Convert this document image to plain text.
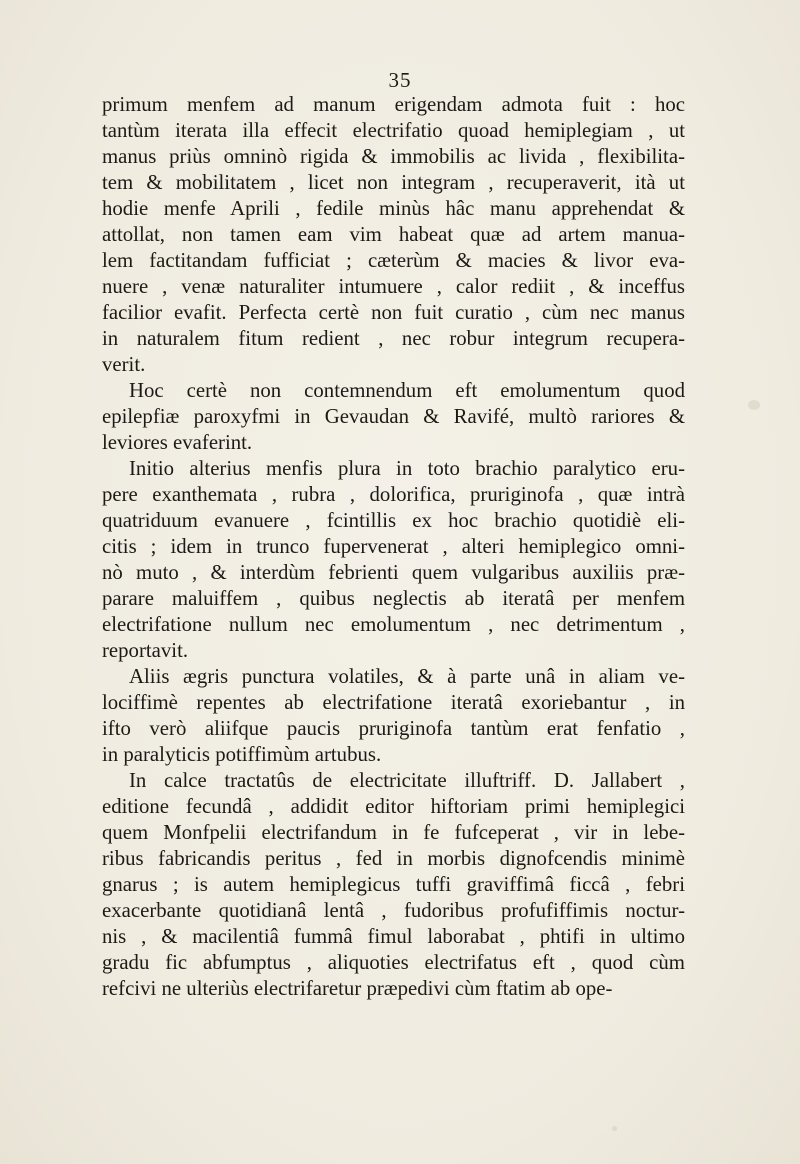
35
primum menfem ad manum erigendam admota fuit : hoc
tantùm iterata illa effecit electrifatio quoad hemiplegiam , ut
manus priùs omninò rigida & immobilis ac livida , flexibilita-
tem & mobilitatem , licet non integram , recuperaverit, ità ut
hodie menfe Aprili , fedile minùs hâc manu apprehendat &
attollat, non tamen eam vim habeat quæ ad artem manua-
lem factitandam fufficiat ; cæterùm & macies & livor eva-
nuere , venæ naturaliter intumuere , calor rediit , & inceffus
facilior evafit. Perfecta certè non fuit curatio , cùm nec manus
in naturalem fitum redient , nec robur integrum recupera-
verit.
Hoc certè non contemnendum eft emolumentum quod
epilepfiæ paroxyfmi in Gevaudan & Ravifé, multò rariores &
leviores evaferint.
Initio alterius menfis plura in toto brachio paralytico eru-
pere exanthemata , rubra , dolorifica, pruriginofa , quæ intrà
quatriduum evanuere , fcintillis ex hoc brachio quotidiè eli-
citis ; idem in trunco fupervenerat , alteri hemiplegico omni-
nò muto , & interdùm febrienti quem vulgaribus auxiliis præ-
parare maluiffem , quibus neglectis ab iteratâ per menfem
electrifatione nullum nec emolumentum , nec detrimentum ,
reportavit.
Aliis ægris punctura volatiles, & à parte unâ in aliam ve-
lociffimè repentes ab electrifatione iteratâ exoriebantur , in
ifto verò aliifque paucis pruriginofa tantùm erat fenfatio ,
in paralyticis potiffimùm artubus.
In calce tractatûs de electricitate illuftriff. D. Jallabert ,
editione fecundâ , addidit editor hiftoriam primi hemiplegici
quem Monfpelii electrifandum in fe fufceperat , vir in lebe-
ribus fabricandis peritus , fed in morbis dignofcendis minimè
gnarus ; is autem hemiplegicus tuffi graviffimâ ficcâ , febri
exacerbante quotidianâ lentâ , fudoribus profufiffimis noctur-
nis , & macilentiâ fummâ fimul laborabat , phtifi in ultimo
gradu fic abfumptus , aliquoties electrifatus eft , quod cùm
refcivi ne ulteriùs electrifaretur præpedivi cùm ftatim ab ope-
